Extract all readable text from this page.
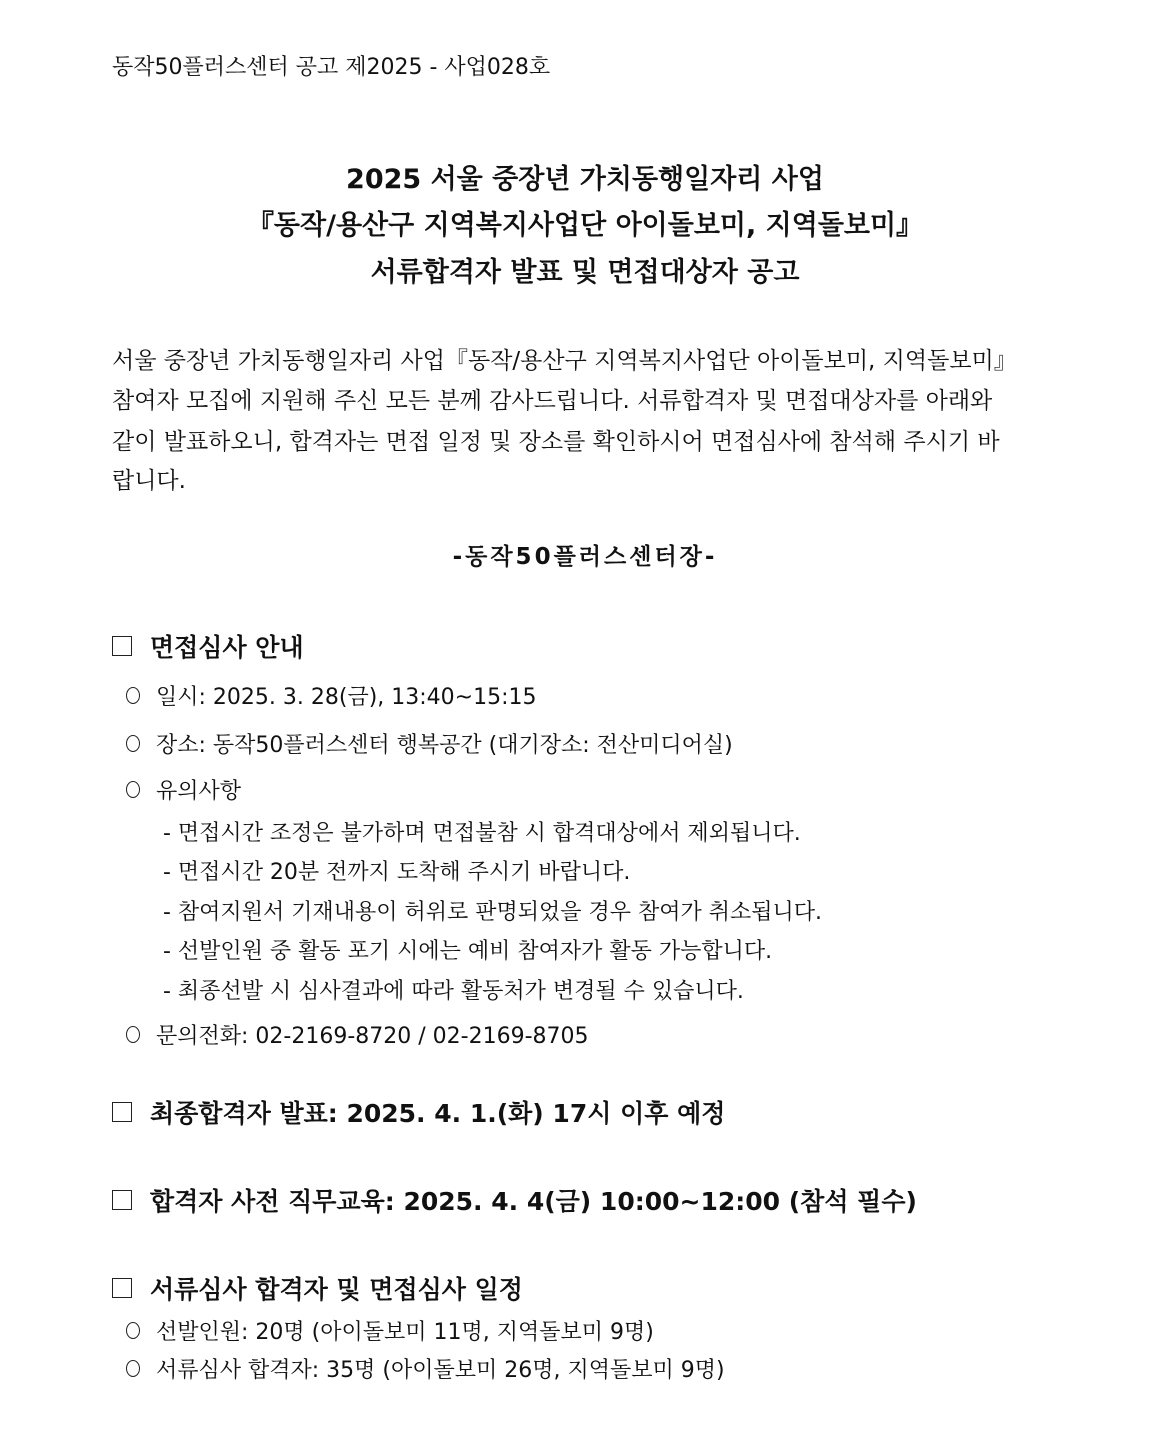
동작50플러스센터 공고 제2025 - 사업028호
2025 서울 중장년 가치동행일자리 사업
『동작/용산구 지역복지사업단 아이돌보미, 지역돌보미』
서류합격자 발표 및 면접대상자 공고
서울 중장년 가치동행일자리 사업『동작/용산구 지역복지사업단 아이돌보미, 지역돌보미』
참여자 모집에 지원해 주신 모든 분께 감사드립니다. 서류합격자 및 면접대상자를 아래와
같이 발표하오니, 합격자는 면접 일정 및 장소를 확인하시어 면접심사에 참석해 주시기 바
랍니다.
-동작50플러스센터장-
면접심사 안내
일시: 2025. 3. 28(금), 13:40~15:15
장소: 동작50플러스센터 행복공간 (대기장소: 전산미디어실)
유의사항
- 면접시간 조정은 불가하며 면접불참 시 합격대상에서 제외됩니다.
- 면접시간 20분 전까지 도착해 주시기 바랍니다.
- 참여지원서 기재내용이 허위로 판명되었을 경우 참여가 취소됩니다.
- 선발인원 중 활동 포기 시에는 예비 참여자가 활동 가능합니다.
- 최종선발 시 심사결과에 따라 활동처가 변경될 수 있습니다.
문의전화: 02-2169-8720 / 02-2169-8705
최종합격자 발표: 2025. 4. 1.(화) 17시 이후 예정
합격자 사전 직무교육: 2025. 4. 4(금) 10:00~12:00 (참석 필수)
서류심사 합격자 및 면접심사 일정
선발인원: 20명 (아이돌보미 11명, 지역돌보미 9명)
서류심사 합격자: 35명 (아이돌보미 26명, 지역돌보미 9명)
